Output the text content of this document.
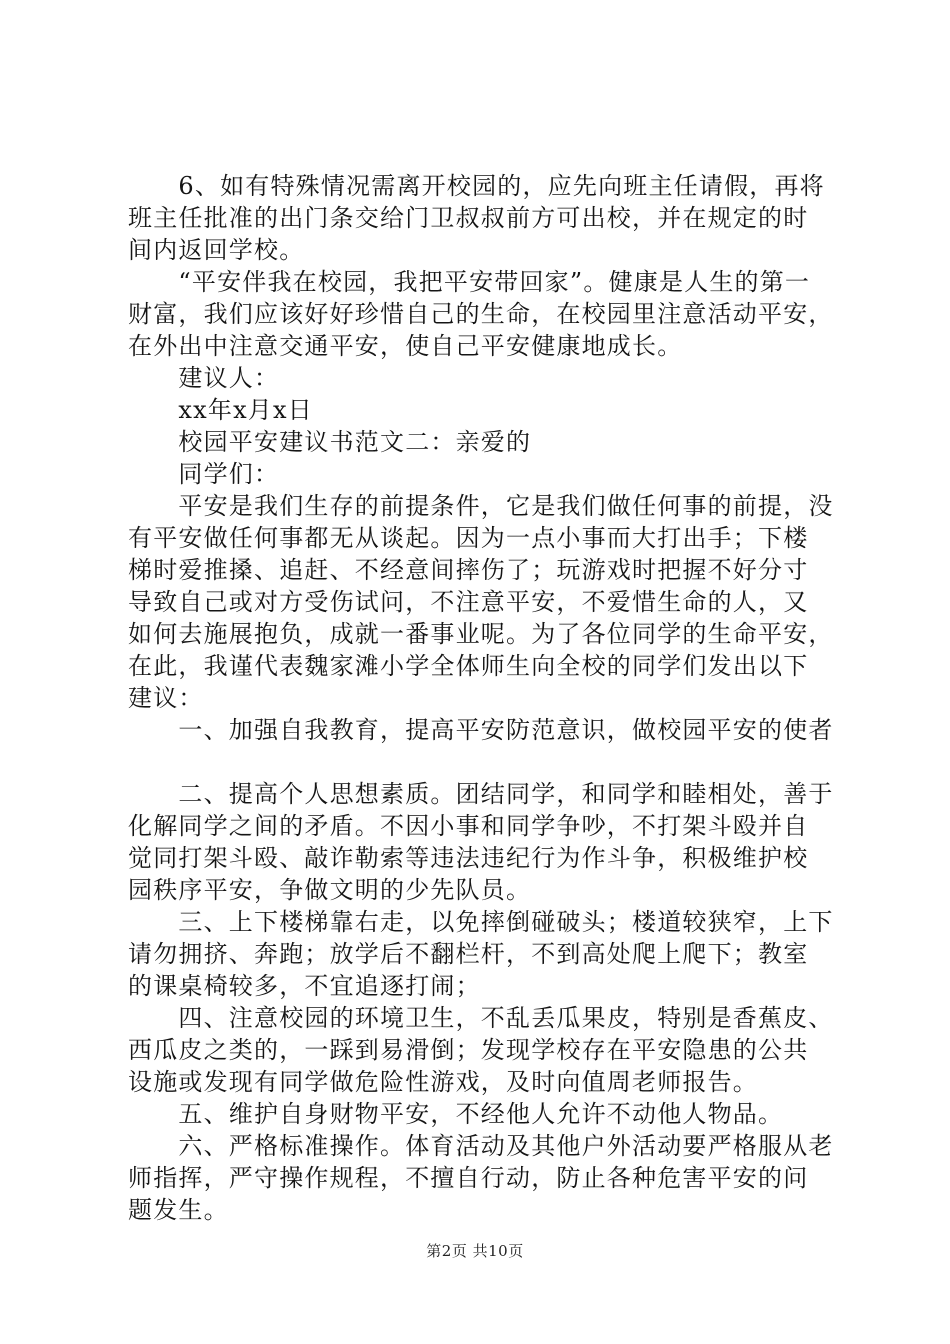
　　6、如有特殊情况需离开校园的，应先向班主任请假，再将
班主任批准的出门条交给门卫叔叔前方可出校，并在规定的时
间内返回学校。
　　“平安伴我在校园，我把平安带回家”。健康是人生的第一
财富，我们应该好好珍惜自己的生命，在校园里注意活动平安，
在外出中注意交通平安，使自己平安健康地成长。
　　建议人：
　　xx年x月x日
　　校园平安建议书范文二：亲爱的
　　同学们：
　　平安是我们生存的前提条件，它是我们做任何事的前提，没
有平安做任何事都无从谈起。因为一点小事而大打出手；下楼
梯时爱推搡、追赶、不经意间摔伤了；玩游戏时把握不好分寸
导致自己或对方受伤试问，不注意平安，不爱惜生命的人，又
如何去施展抱负，成就一番事业呢。为了各位同学的生命平安，
在此，我谨代表魏家滩小学全体师生向全校的同学们发出以下
建议：
　　一、加强自我教育，提高平安防范意识，做校园平安的使者
　　二、提高个人思想素质。团结同学，和同学和睦相处，善于
化解同学之间的矛盾。不因小事和同学争吵，不打架斗殴并自
觉同打架斗殴、敲诈勒索等违法违纪行为作斗争，积极维护校
园秩序平安，争做文明的少先队员。
　　三、上下楼梯靠右走，以免摔倒碰破头；楼道较狭窄，上下
请勿拥挤、奔跑；放学后不翻栏杆，不到高处爬上爬下；教室
的课桌椅较多，不宜追逐打闹；
　　四、注意校园的环境卫生，不乱丢瓜果皮，特别是香蕉皮、
西瓜皮之类的，一踩到易滑倒；发现学校存在平安隐患的公共
设施或发现有同学做危险性游戏，及时向值周老师报告。
　　五、维护自身财物平安，不经他人允许不动他人物品。
　　六、严格标准操作。体育活动及其他户外活动要严格服从老
师指挥，严守操作规程，不擅自行动，防止各种危害平安的问
题发生。
第2页 共10页
